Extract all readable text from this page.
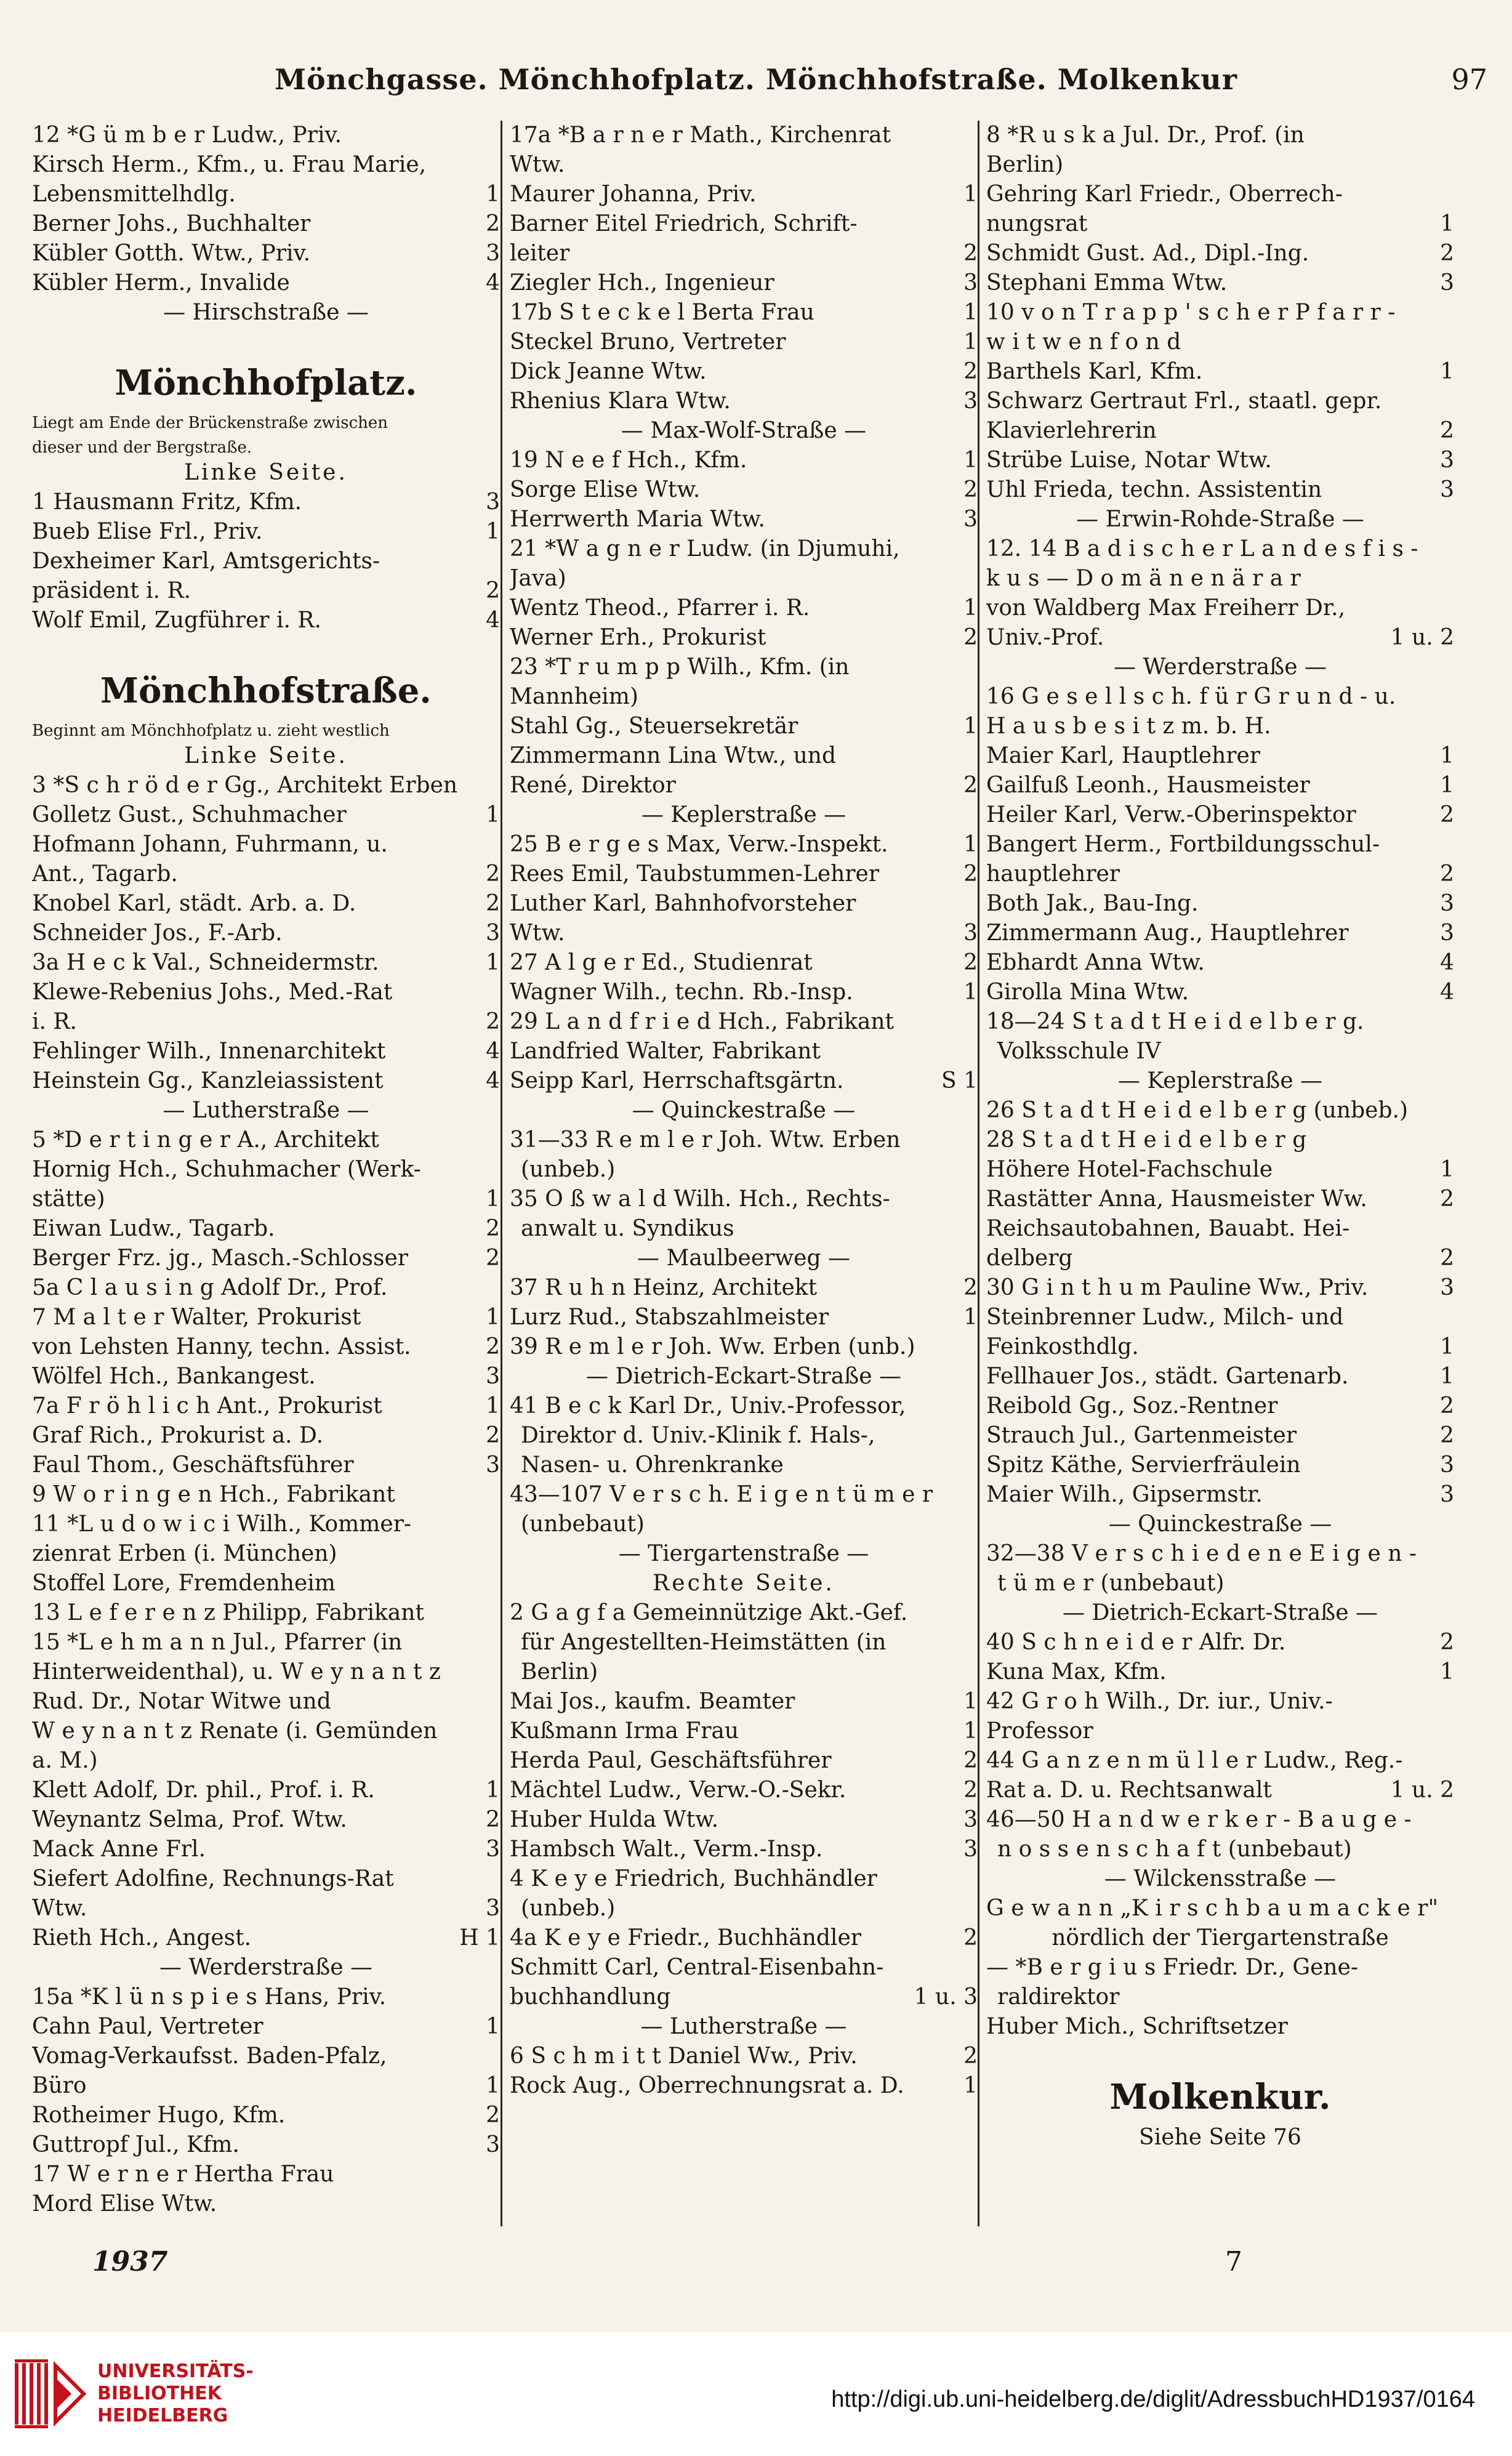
Mönchgasse. Mönchhofplatz. Mönchhofstraße. Molkenkur	97
12 *G ü m b e r Ludw., Priv.
Kirsch Herm., Kfm., u. Frau Marie,
Lebensmittelhdlg.	1
Berner Johs., Buchhalter	2
Kübler Gotth. Wtw., Priv.	3
Kübler Herm., Invalide	4
— Hirschstraße —
Mönchhofplatz.
Liegt am Ende der Brückenstraße zwischen
dieser und der Bergstraße.
Linke Seite.
1 Hausmann Fritz, Kfm.	3
Bueb Elise Frl., Priv.	1
Dexheimer Karl, Amtsgerichts-
präsident i. R.	2
Wolf Emil, Zugführer i. R.	4
Mönchhofstraße.
Beginnt am Mönchhofplatz u. zieht westlich
Linke Seite.
3 *S c h r ö d e r Gg., Architekt Erben
Golletz Gust., Schuhmacher	1
Hofmann Johann, Fuhrmann, u.
Ant., Tagarb.	2
Knobel Karl, städt. Arb. a. D.	2
Schneider Jos., F.-Arb.	3
3a H e c k Val., Schneidermstr.	1
Klewe-Rebenius Johs., Med.-Rat
i. R.	2
Fehlinger Wilh., Innenarchitekt	4
Heinstein Gg., Kanzleiassistent	4
— Lutherstraße —
5 *D e r t i n g e r A., Architekt
Hornig Hch., Schuhmacher (Werk-
stätte)	1
Eiwan Ludw., Tagarb.	2
Berger Frz. jg., Masch.-Schlosser	2
5a C l a u s i n g Adolf Dr., Prof.
7 M a l t e r Walter, Prokurist	1
von Lehsten Hanny, techn. Assist.	2
Wölfel Hch., Bankangest.	3
7a F r ö h l i c h Ant., Prokurist	1
Graf Rich., Prokurist a. D.	2
Faul Thom., Geschäftsführer	3
9 W o r i n g e n Hch., Fabrikant
11 *L u d o w i c i Wilh., Kommer-
zienrat Erben (i. München)
Stoffel Lore, Fremdenheim
13 L e f e r e n z Philipp, Fabrikant
15 *L e h m a n n Jul., Pfarrer (in
Hinterweidenthal), u. W e y n a n t z
Rud. Dr., Notar Witwe und
W e y n a n t z Renate (i. Gemünden
a. M.)
Klett Adolf, Dr. phil., Prof. i. R.	1
Weynantz Selma, Prof. Wtw.	2
Mack Anne Frl.	3
Siefert Adolfine, Rechnungs-Rat
Wtw.	3
Rieth Hch., Angest.	H 1
— Werderstraße —
15a *K l ü n s p i e s Hans, Priv.
Cahn Paul, Vertreter	1
Vomag-Verkaufsst. Baden-Pfalz,
Büro	1
Rotheimer Hugo, Kfm.	2
Guttropf Jul., Kfm.	3
17 W e r n e r Hertha Frau
Mord Elise Wtw.
17a *B a r n e r Math., Kirchenrat
Wtw.
Maurer Johanna, Priv.	1
Barner Eitel Friedrich, Schrift-
leiter	2
Ziegler Hch., Ingenieur	3
17b S t e c k e l Berta Frau	1
Steckel Bruno, Vertreter	1
Dick Jeanne Wtw.	2
Rhenius Klara Wtw.	3
— Max-Wolf-Straße —
19 N e e f Hch., Kfm.	1
Sorge Elise Wtw.	2
Herrwerth Maria Wtw.	3
21 *W a g n e r Ludw. (in Djumuhi,
Java)
Wentz Theod., Pfarrer i. R.	1
Werner Erh., Prokurist	2
23 *T r u m p p Wilh., Kfm. (in
Mannheim)
Stahl Gg., Steuersekretär	1
Zimmermann Lina Wtw., und
René, Direktor	2
— Keplerstraße —
25 B e r g e s Max, Verw.-Inspekt.	1
Rees Emil, Taubstummen-Lehrer	2
Luther Karl, Bahnhofvorsteher
Wtw.	3
27 A l g e r Ed., Studienrat	2
Wagner Wilh., techn. Rb.-Insp.	1
29 L a n d f r i e d Hch., Fabrikant
Landfried Walter, Fabrikant
Seipp Karl, Herrschaftsgärtn.	S 1
— Quinckestraße —
31—33 R e m l e r Joh. Wtw. Erben
(unbeb.)
35 O ß w a l d Wilh. Hch., Rechts-
anwalt u. Syndikus
— Maulbeerweg —
37 R u h n Heinz, Architekt	2
Lurz Rud., Stabszahlmeister	1
39 R e m l e r Joh. Ww. Erben (unb.)
— Dietrich-Eckart-Straße —
41 B e c k Karl Dr., Univ.-Professor,
Direktor d. Univ.-Klinik f. Hals-,
Nasen- u. Ohrenkranke
43—107 V e r s c h. E i g e n t ü m e r
(unbebaut)
— Tiergartenstraße —
Rechte Seite.
2 G a g f a Gemeinnützige Akt.-Gef.
für Angestellten-Heimstätten (in
Berlin)
Mai Jos., kaufm. Beamter	1
Kußmann Irma Frau	1
Herda Paul, Geschäftsführer	2
Mächtel Ludw., Verw.-O.-Sekr.	2
Huber Hulda Wtw.	3
Hambsch Walt., Verm.-Insp.	3
4 K e y e Friedrich, Buchhändler
(unbeb.)
4a K e y e Friedr., Buchhändler	2
Schmitt Carl, Central-Eisenbahn-
buchhandlung	1 u. 3
— Lutherstraße —
6 S c h m i t t Daniel Ww., Priv.	2
Rock Aug., Oberrechnungsrat a. D.	1
8 *R u s k a Jul. Dr., Prof. (in
Berlin)
Gehring Karl Friedr., Oberrech-
nungsrat	1
Schmidt Gust. Ad., Dipl.-Ing.	2
Stephani Emma Wtw.	3
10 v o n T r a p p ' s c h e r P f a r r -
w i t w e n f o n d
Barthels Karl, Kfm.	1
Schwarz Gertraut Frl., staatl. gepr.
Klavierlehrerin	2
Strübe Luise, Notar Wtw.	3
Uhl Frieda, techn. Assistentin	3
— Erwin-Rohde-Straße —
12. 14 B a d i s c h e r L a n d e s f i s -
k u s — D o m ä n e n ä r a r
von Waldberg Max Freiherr Dr.,
Univ.-Prof.	1 u. 2
— Werderstraße —
16 G e s e l l s c h. f ü r G r u n d - u.
H a u s b e s i t z m. b. H.
Maier Karl, Hauptlehrer	1
Gailfuß Leonh., Hausmeister	1
Heiler Karl, Verw.-Oberinspektor	2
Bangert Herm., Fortbildungsschul-
hauptlehrer	2
Both Jak., Bau-Ing.	3
Zimmermann Aug., Hauptlehrer	3
Ebhardt Anna Wtw.	4
Girolla Mina Wtw.	4
18—24 S t a d t H e i d e l b e r g.
Volksschule IV
— Keplerstraße —
26 S t a d t H e i d e l b e r g (unbeb.)
28 S t a d t H e i d e l b e r g
Höhere Hotel-Fachschule	1
Rastätter Anna, Hausmeister Ww.	2
Reichsautobahnen, Bauabt. Hei-
delberg	2
30 G i n t h u m Pauline Ww., Priv.	3
Steinbrenner Ludw., Milch- und
Feinkosthdlg.	1
Fellhauer Jos., städt. Gartenarb.	1
Reibold Gg., Soz.-Rentner	2
Strauch Jul., Gartenmeister	2
Spitz Käthe, Servierfräulein	3
Maier Wilh., Gipsermstr.	3
— Quinckestraße —
32—38 V e r s c h i e d e n e E i g e n -
t ü m e r (unbebaut)
— Dietrich-Eckart-Straße —
40 S c h n e i d e r Alfr. Dr.	2
Kuna Max, Kfm.	1
42 G r o h Wilh., Dr. iur., Univ.-
Professor
44 G a n z e n m ü l l e r Ludw., Reg.-
Rat a. D. u. Rechtsanwalt	1 u. 2
46—50 H a n d w e r k e r - B a u g e -
n o s s e n s c h a f t (unbebaut)
— Wilckensstraße —
G e w a n n „K i r s c h b a u m a c k e r"
nördlich der Tiergartenstraße
— *B e r g i u s Friedr. Dr., Gene-
raldirektor
Huber Mich., Schriftsetzer
Molkenkur.
Siehe Seite 76
1937	7
UNIVERSITÄTS-
BIBLIOTHEK
HEIDELBERG
http://digi.ub.uni-heidelberg.de/diglit/AdressbuchHD1937/0164
